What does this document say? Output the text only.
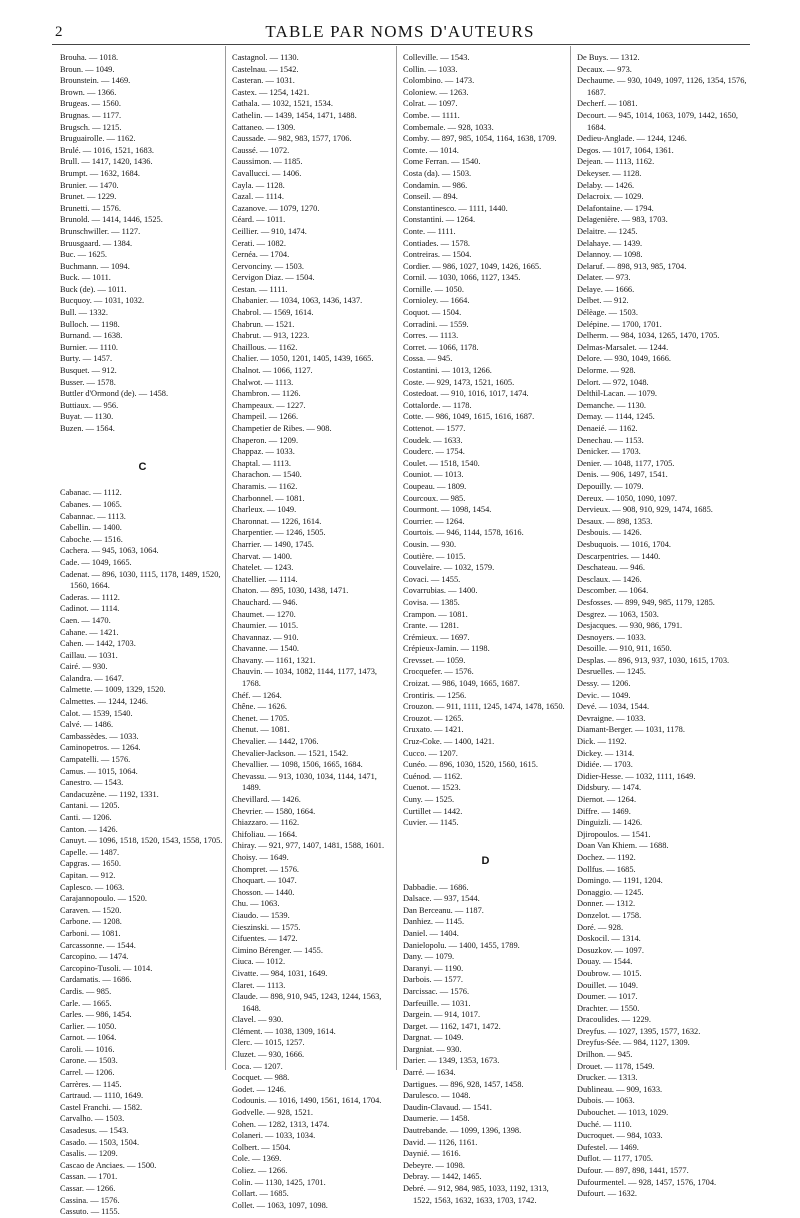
2	TABLE PAR NOMS D'AUTEURS
Brouha. — 1018.
Broun. — 1049.
Brounstein. — 1469.
Brown. — 1366.
Brugeas. — 1560.
Brugnas. — 1177.
Brugsch. — 1215.
Bruguairolle. — 1162.
Brulé. — 1016, 1521, 1683.
Brull. — 1417, 1420, 1436.
Brumpt. — 1632, 1684.
Brunier. — 1470.
Brunet. — 1229.
Brunetti. — 1576.
Brunold. — 1414, 1446, 1525.
Brunschwiller. — 1127.
Bruusgaard. — 1384.
Buc. — 1625.
Buchmann. — 1094.
Buck. — 1011.
Buck (de). — 1011.
Bucquoy. — 1031, 1032.
Bull. — 1332.
Bulloch. — 1198.
Burnand. — 1638.
Burnier. — 1110.
Burty. — 1457.
Busquet. — 912.
Busser. — 1578.
Buttler d'Ormond (de). — 1458.
Buttiaux. — 956.
Buyat. — 1130.
Buzen. — 1564.
C
Cabanac. — 1112.
Cabanes. — 1065.
Cabannac. — 1113.
Cabellin. — 1400.
Caboche. — 1516.
Cachera. — 945, 1063, 1064.
Cade. — 1049, 1665.
Cadenat. — 896, 1030, 1115, 1178, 1489, 1520, 1560, 1664.
Caderas. — 1112.
Cadinot. — 1114.
Caen. — 1470.
Cahane. — 1421.
Cahen. — 1442, 1703.
Caillau. — 1031.
Cairé. — 930.
Calandra. — 1647.
Calmette. — 1009, 1329, 1520.
Calmettes. — 1244, 1246.
Calot. — 1539, 1540.
Calvé. — 1486.
Cambassèdes. — 1033.
Caminopetros. — 1264.
Campatelli. — 1576.
Camus. — 1015, 1064.
Canestro. — 1543.
Candacuzène. — 1192, 1331.
Cantani. — 1205.
Canti. — 1206.
Canton. — 1426.
Canuyt. — 1096, 1518, 1520, 1543, 1558, 1705.
Capelle. — 1487.
Capgras. — 1650.
Capitan. — 912.
Caplesco. — 1063.
Carajannopoulo. — 1520.
Caraven. — 1520.
Carbone. — 1208.
Carboni. — 1081.
Carcassonne. — 1544.
Carcopino. — 1474.
Carcopino-Tusoli. — 1014.
Cardamatis. — 1686.
Cardis. — 985.
Carle. — 1665.
Carles. — 986, 1454.
Carlier. — 1050.
Carnot. — 1064.
Caroli. — 1016.
Carone. — 1503.
Carrel. — 1206.
Carrères. — 1145.
Cartraud. — 1110, 1649.
Castel Franchi. — 1582.
Carvalho. — 1503.
Casadesus. — 1543.
Casado. — 1503, 1504.
Casalis. — 1209.
Cascao de Anciaes. — 1500.
Cassan. — 1701.
Cassar. — 1266.
Cassina. — 1576.
Cassuto. — 1155.
Castagnol. — 1130.
Castelnau. — 1542.
Casteran. — 1031.
Castex. — 1254, 1421.
Cathala. — 1032, 1521, 1534.
Cathelin. — 1439, 1454, 1471, 1488.
Cattaneo. — 1309.
Caussade. — 982, 983, 1577, 1706.
Caussé. — 1072.
Caussimon. — 1185.
Cavallucci. — 1406.
Cayla. — 1128.
Cazal. — 1114.
Cazanove. — 1079, 1270.
Céard. — 1011.
Ceillier. — 910, 1474.
Cerati. — 1082.
Cernéa. — 1704.
Cervonciny. — 1503.
Cervigon Diaz. — 1504.
Cestan. — 1111.
Chabanier. — 1034, 1063, 1436, 1437.
Chabrol. — 1569, 1614.
Chabrun. — 1521.
Chabrut. — 913, 1223.
Chaillous. — 1162.
Chalier. — 1050, 1201, 1405, 1439, 1665.
Chalnot. — 1066, 1127.
Chalwot. — 1113.
Chambron. — 1126.
Champeaux. — 1227.
Champeil. — 1266.
Champetier de Ribes. — 908.
Chaperon. — 1209.
Chappaz. — 1033.
Chaptal. — 1113.
Charachon. — 1540.
Charamis. — 1162.
Charbonnel. — 1081.
Charleux. — 1049.
Charonnat. — 1226, 1614.
Charpentier. — 1246, 1505.
Charrier. — 1490, 1745.
Charvat. — 1400.
Chatelet. — 1243.
Chatellier. — 1114.
Chaton. — 895, 1030, 1438, 1471.
Chauchard. — 946.
Chaumet. — 1270.
Chaumier. — 1015.
Chavannaz. — 910.
Chavanne. — 1540.
Chavany. — 1161, 1321.
Chauvin. — 1034, 1082, 1144, 1177, 1473, 1768.
Chéf. — 1264.
Chêne. — 1626.
Chenet. — 1705.
Chenut. — 1081.
Chevalier. — 1442, 1706.
Chevalier-Jackson. — 1521, 1542.
Chevallier. — 1098, 1506, 1665, 1684.
Chevassu. — 913, 1030, 1034, 1144, 1471, 1489.
Chevillard. — 1426.
Chevrier. — 1580, 1664.
Chiazzaro. — 1162.
Chifoliau. — 1664.
Chiray. — 921, 977, 1407, 1481, 1588, 1601.
Choisy. — 1649.
Chompret. — 1576.
Choquart. — 1047.
Chosson. — 1440.
Chu. — 1063.
Ciaudo. — 1539.
Cieszinski. — 1575.
Cifuentes. — 1472.
Cimino Bérenger. — 1455.
Ciuca. — 1012.
Civatte. — 984, 1031, 1649.
Claret. — 1113.
Claude. — 898, 910, 945, 1243, 1244, 1563, 1648.
Clavel. — 930.
Clément. — 1038, 1309, 1614.
Clerc. — 1015, 1257.
Cluzet. — 930, 1666.
Coca. — 1207.
Cocquet. — 988.
Godet. — 1246.
Codounis. — 1016, 1490, 1561, 1614, 1704.
Godvelle. — 928, 1521.
Cohen. — 1282, 1313, 1474.
Colaneri. — 1033, 1034.
Colbert. — 1504.
Cole. — 1369.
Coliez. — 1266.
Colin. — 1130, 1425, 1701.
Collart. — 1685.
Collet. — 1063, 1097, 1098.
Colleville. — 1543.
Collin. — 1033.
Colombino. — 1473.
Coloniew. — 1263.
Colrat. — 1097.
Combe. — 1111.
Combemale. — 928, 1033.
Comby. — 897, 985, 1054, 1164, 1638, 1709.
Comte. — 1014.
Come Ferran. — 1540.
Costa (da). — 1503.
Condamin. — 986.
Conseil. — 894.
Constantinesco. — 1111, 1440.
Constantini. — 1264.
Conte. — 1111.
Contiades. — 1578.
Contreiras. — 1504.
Cordier. — 986, 1027, 1049, 1426, 1665.
Cornil. — 1030, 1066, 1127, 1345.
Cornille. — 1050.
Cornioley. — 1664.
Coquot. — 1504.
Corradini. — 1559.
Corres. — 1113.
Corret. — 1066, 1178.
Cossa. — 945.
Costantini. — 1013, 1266.
Coste. — 929, 1473, 1521, 1605.
Costedoat. — 910, 1016, 1017, 1474.
Cottalorde. — 1178.
Cotte. — 986, 1049, 1615, 1616, 1687.
Cottenot. — 1577.
Coudek. — 1633.
Couderc. — 1754.
Coulet. — 1518, 1540.
Couniot. — 1013.
Coupeau. — 1809.
Courcoux. — 985.
Courmont. — 1098, 1454.
Courrier. — 1264.
Courtois. — 946, 1144, 1578, 1616.
Cousin. — 930.
Coutière. — 1015.
Couvelaire. — 1032, 1579.
Covaci. — 1455.
Covarrubias. — 1400.
Covisa. — 1385.
Crampon. — 1081.
Crante. — 1281.
Crémieux. — 1697.
Crépieux-Jamin. — 1198.
Crevsset. — 1059.
Crocquefer. — 1576.
Croizat. — 986, 1049, 1665, 1687.
Crontiris. — 1256.
Crouzon. — 911, 1111, 1245, 1474, 1478, 1650.
Crouzot. — 1265.
Cruxato. — 1421.
Cruz-Coke. — 1400, 1421.
Cucco. — 1207.
Cunéo. — 896, 1030, 1520, 1560, 1615.
Cuénod. — 1162.
Cuenot. — 1523.
Cuny. — 1525.
Curtillet — 1442.
Cuvier. — 1145.
D
Dabbadie. — 1686.
Dalsace. — 937, 1544.
Dan Berceanu. — 1187.
Danhiez. — 1145.
Daniel. — 1404.
Danielopolu. — 1400, 1455, 1789.
Dany. — 1079.
Daranyi. — 1190.
Darbois. — 1577.
Darcissac. — 1576.
Darfeuille. — 1031.
Dargein. — 914, 1017.
Darget. — 1162, 1471, 1472.
Dargnat. — 1049.
Dargniat. — 930.
Darier. — 1349, 1353, 1673.
Darré. — 1634.
Dartigues. — 896, 928, 1457, 1458.
Darulesco. — 1048.
Daudin-Clavaud. — 1541.
Daumerie. — 1458.
Dautrebande. — 1099, 1396, 1398.
David. — 1126, 1161.
Daynié. — 1616.
Debeyre. — 1098.
Debray. — 1442, 1465.
Debré. — 912, 984, 985, 1033, 1192, 1313, 1522, 1563, 1632, 1633, 1703, 1742.
De Buys. — 1312.
Decaux. — 973.
Dechaume. — 930, 1049, 1097, 1126, 1354, 1576, 1687.
Decherf. — 1081.
Decourt. — 945, 1014, 1063, 1079, 1442, 1650, 1684.
Dedieu-Anglade. — 1244, 1246.
Degos. — 1017, 1064, 1361.
Dejean. — 1113, 1162.
Dekeyser. — 1128.
Delaby. — 1426.
Delacroix. — 1029.
Delafontaine. — 1794.
Delagenière. — 983, 1703.
Delaitre. — 1245.
Delahaye. — 1439.
Delannoy. — 1098.
Delaruf. — 898, 913, 985, 1704.
Delater. — 973.
Delaye. — 1666.
Delbet. — 912.
Délèage. — 1503.
Delépine. — 1700, 1701.
Delherm. — 984, 1034, 1265, 1470, 1705.
Delmas-Marsalet. — 1244.
Delore. — 930, 1049, 1666.
Delorme. — 928.
Delort. — 972, 1048.
Delthil-Lacan. — 1079.
Demanche. — 1130.
Demay. — 1144, 1245.
Denaeié. — 1162.
Denechau. — 1153.
Denicker. — 1703.
Denier. — 1048, 1177, 1705.
Denis. — 906, 1497, 1541.
Depouilly. — 1079.
Dereux. — 1050, 1090, 1097.
Dervieux. — 908, 910, 929, 1474, 1685.
Desaux. — 898, 1353.
Desbouis. — 1426.
Desbuquois. — 1016, 1704.
Descarpentries. — 1440.
Deschateau. — 946.
Desclaux. — 1426.
Descomber. — 1064.
Desfosses. — 899, 949, 985, 1179, 1285.
Desgrez. — 1063, 1503.
Desjacques. — 930, 986, 1791.
Desnoyers. — 1033.
Desoille. — 910, 911, 1650.
Desplas. — 896, 913, 937, 1030, 1615, 1703.
Desruelles. — 1245.
Dessy. — 1206.
Devic. — 1049.
Devé. — 1034, 1544.
Devraigne. — 1033.
Diamant-Berger. — 1031, 1178.
Dick. — 1192.
Dickey. — 1314.
Didiée. — 1703.
Didier-Hesse. — 1032, 1111, 1649.
Didsbury. — 1474.
Diernot. — 1264.
Diffre. — 1469.
Dinguizli. — 1426.
Djiropoulos. — 1541.
Doan Van Khiem. — 1688.
Dochez. — 1192.
Dollfus. — 1685.
Domingo. — 1191, 1204.
Donaggio. — 1245.
Donner. — 1312.
Donzelot. — 1758.
Doré. — 928.
Doskocil. — 1314.
Dosuzkov. — 1097.
Douay. — 1544.
Doubrow. — 1015.
Douillet. — 1049.
Doumer. — 1017.
Drachter. — 1550.
Dracoulides. — 1229.
Dreyfus. — 1027, 1395, 1577, 1632.
Dreyfus-Sée. — 984, 1127, 1309.
Drilhon. — 945.
Drouet. — 1178, 1549.
Drucker. — 1313.
Dublineau. — 909, 1633.
Dubois. — 1063.
Dubouchet. — 1013, 1029.
Duché. — 1110.
Ducroquet. — 984, 1033.
Dufestel. — 1469.
Duflot. — 1177, 1705.
Dufour. — 897, 898, 1441, 1577.
Dufourmentel. — 928, 1457, 1576, 1704.
Dufourt. — 1632.
